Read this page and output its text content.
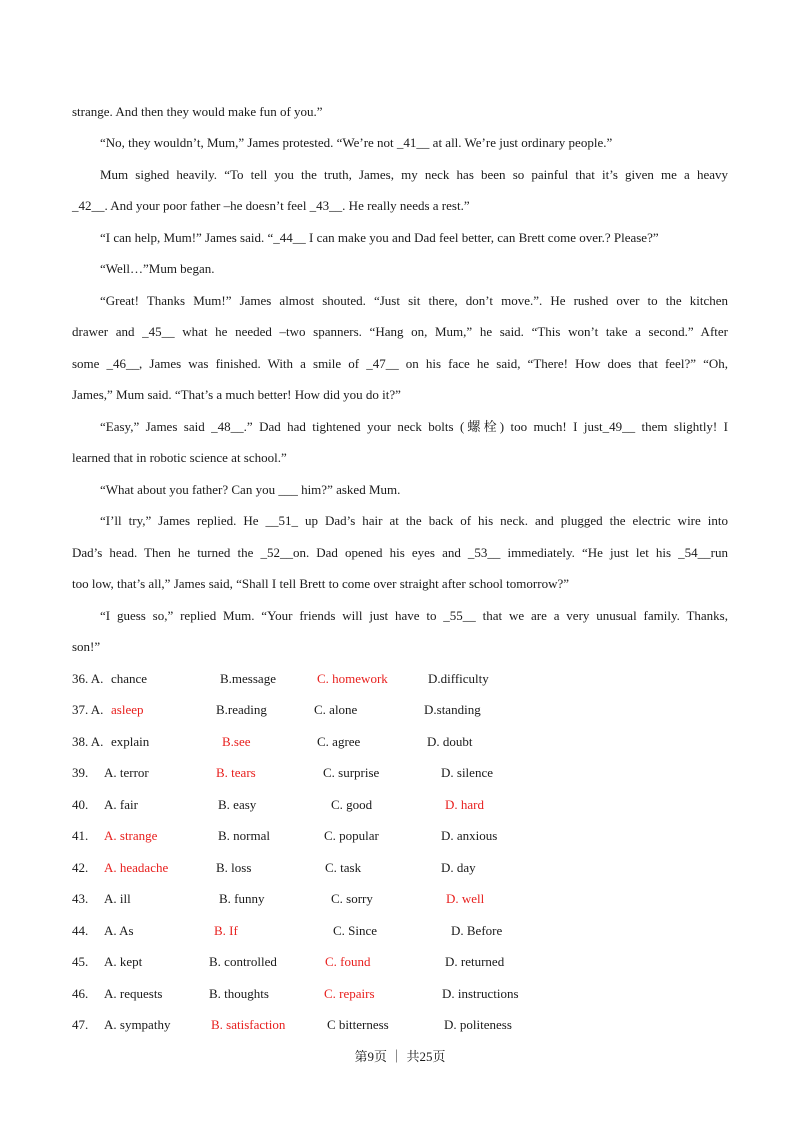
strange. And then they would make fun of you.”
“No, they wouldn’t, Mum,” James protested. “We’re not _41__ at all. We’re just ordinary people.”
Mum sighed heavily. “To tell you the truth, James, my neck has been so painful that it’s given me a heavy
_42__. And your poor father –he doesn’t feel _43__. He really needs a rest.”
“I can help, Mum!” James said. “_44__ I can make you and Dad feel better, can Brett come over.? Please?”
“Well…”Mum began.
“Great! Thanks Mum!” James almost shouted. “Just sit there, don’t move.”. He rushed over to the kitchen
drawer and _45__ what he needed –two spanners. “Hang on, Mum,” he said. “This won’t take a second.” After
some _46__, James was finished. With a smile of _47__ on his face he said, “There! How does that feel?” “Oh,
James,” Mum said. “That’s a much better! How did you do it?”
“Easy,” James said _48__.” Dad had tightened your neck bolts (螺栓) too much! I just_49__ them slightly! I
learned that in robotic science at school.”
“What about you father? Can you ___ him?” asked Mum.
“I’ll try,” James replied. He __51_ up Dad’s hair at the back of his neck. and plugged the electric wire into
Dad’s head. Then he turned the _52__on. Dad opened his eyes and _53__ immediately. “He just let his _54__run
too low, that’s all,” James said, “Shall I tell Brett to come over straight after school tomorrow?”
“I guess so,” replied Mum. “Your friends will just have to _55__ that we are a very unusual family. Thanks,
son!”
36. A. chance	B.message	C. homework	D.difficulty
37. A. asleep	B.reading	C. alone	D.standing
38. A. explain	B.see	C. agree	D. doubt
39. A. terror	B. tears	C. surprise	D. silence
40. A. fair	B. easy	C. good	D. hard
41. A. strange	B. normal	C. popular	D. anxious
42. A. headache	B. loss	C. task	D. day
43. A. ill	B. funny	C. sorry	D. well
44. A. As	B. If	C. Since	D. Before
45. A. kept	B. controlled	C. found	D. returned
46. A. requests	B. thoughts	C. repairs	D. instructions
47. A. sympathy	B. satisfaction	C bitterness	D. politeness
第9页 ｜ 共25页
